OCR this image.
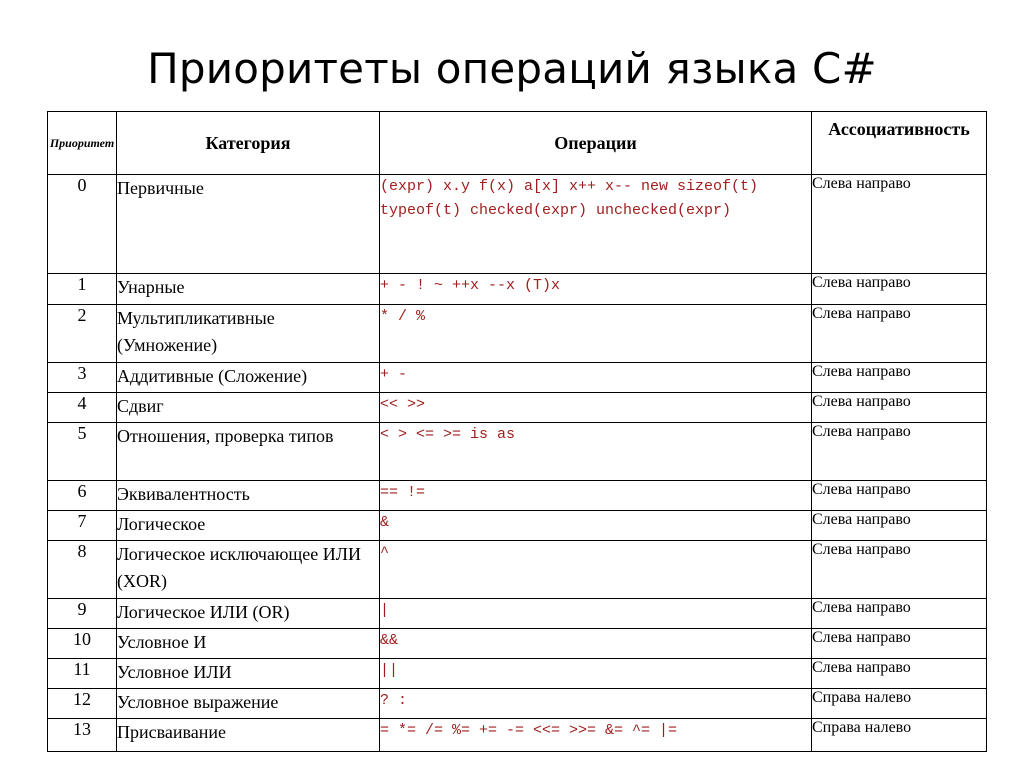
Приоритеты операций языка C#
Приоритет	Категория	Операции	Ассоциативность
0	Первичные	(expr) x.y f(x) a[x] x++ x-- new sizeof(t) typeof(t) checked(expr) unchecked(expr)	Слева направо
1	Унарные	+ - ! ~ ++x --x (T)x	Слева направо
2	Мультипликативные (Умножение)	* / %	Слева направо
3	Аддитивные (Сложение)	+ -	Слева направо
4	Сдвиг	<< >>	Слева направо
5	Отношения, проверка типов	< > <= >= is as	Слева направо
6	Эквивалентность	== !=	Слева направо
7	Логическое	&	Слева направо
8	Логическое исключающее ИЛИ (XOR)	^	Слева направо
9	Логическое ИЛИ (OR)	|	Слева направо
10	Условное И	&&	Слева направо
11	Условное ИЛИ	||	Слева направо
12	Условное выражение	? :	Справа налево
13	Присваивание	= *= /= %= += -= <<= >>= &= ^= |=	Справа налево
